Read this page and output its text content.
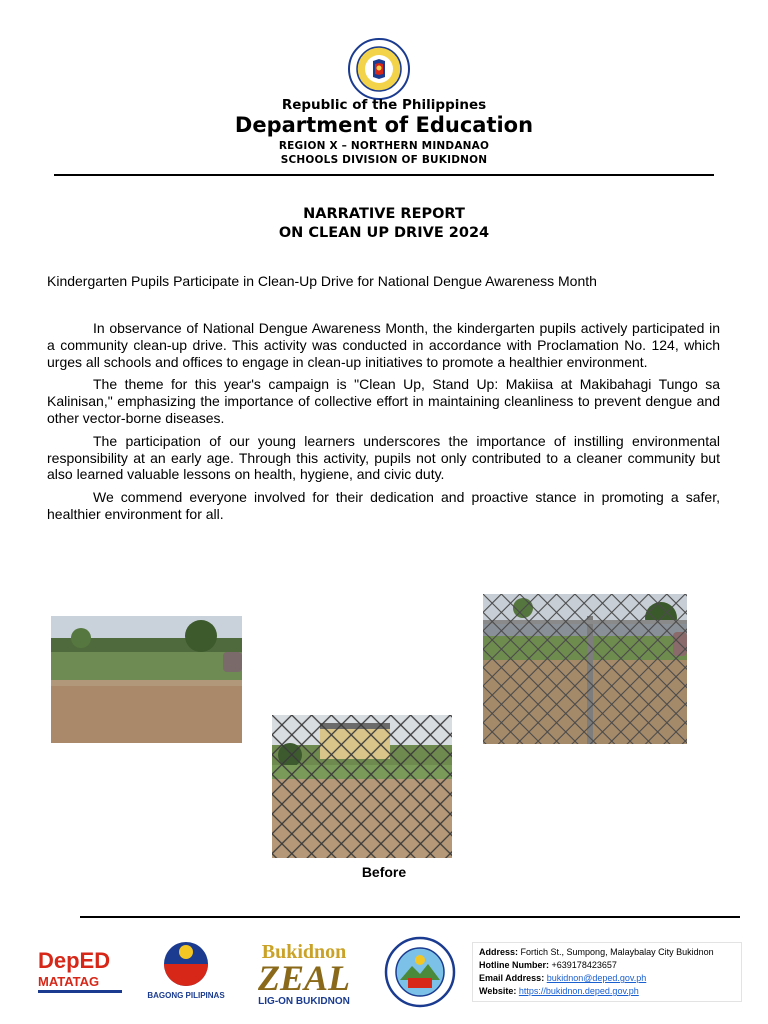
Republic of the Philippines
Department of Education
REGION X – NORTHERN MINDANAO
SCHOOLS DIVISION OF BUKIDNON
NARRATIVE REPORT
ON CLEAN UP DRIVE 2024
Kindergarten Pupils Participate in Clean-Up Drive for National Dengue Awareness Month

In observance of National Dengue Awareness Month, the kindergarten pupils actively participated in a community clean-up drive. This activity was conducted in accordance with Proclamation No. 124, which urges all schools and offices to engage in clean-up initiatives to promote a healthier environment.

The theme for this year's campaign is "Clean Up, Stand Up: Makiisa at Makibahagi Tungo sa Kalinisan," emphasizing the importance of collective effort in maintaining cleanliness to prevent dengue and other vector-borne diseases.

The participation of our young learners underscores the importance of instilling environmental responsibility at an early age. Through this activity, pupils not only contributed to a cleaner community but also learned valuable lessons on health, hygiene, and civic duty.

We commend everyone involved for their dedication and proactive stance in promoting a safer, healthier environment for all.

Before
DepED
MATATAG
BAGONG PILIPINAS
Bukidnon
ZEAL
LIG-ON BUKIDNON
Address: Fortich St., Sumpong, Malaybalay City Bukidnon
Hotline Number: +639178423657
Email Address: bukidnon@deped.gov.ph
Website: https://bukidnon.deped.gov.ph
